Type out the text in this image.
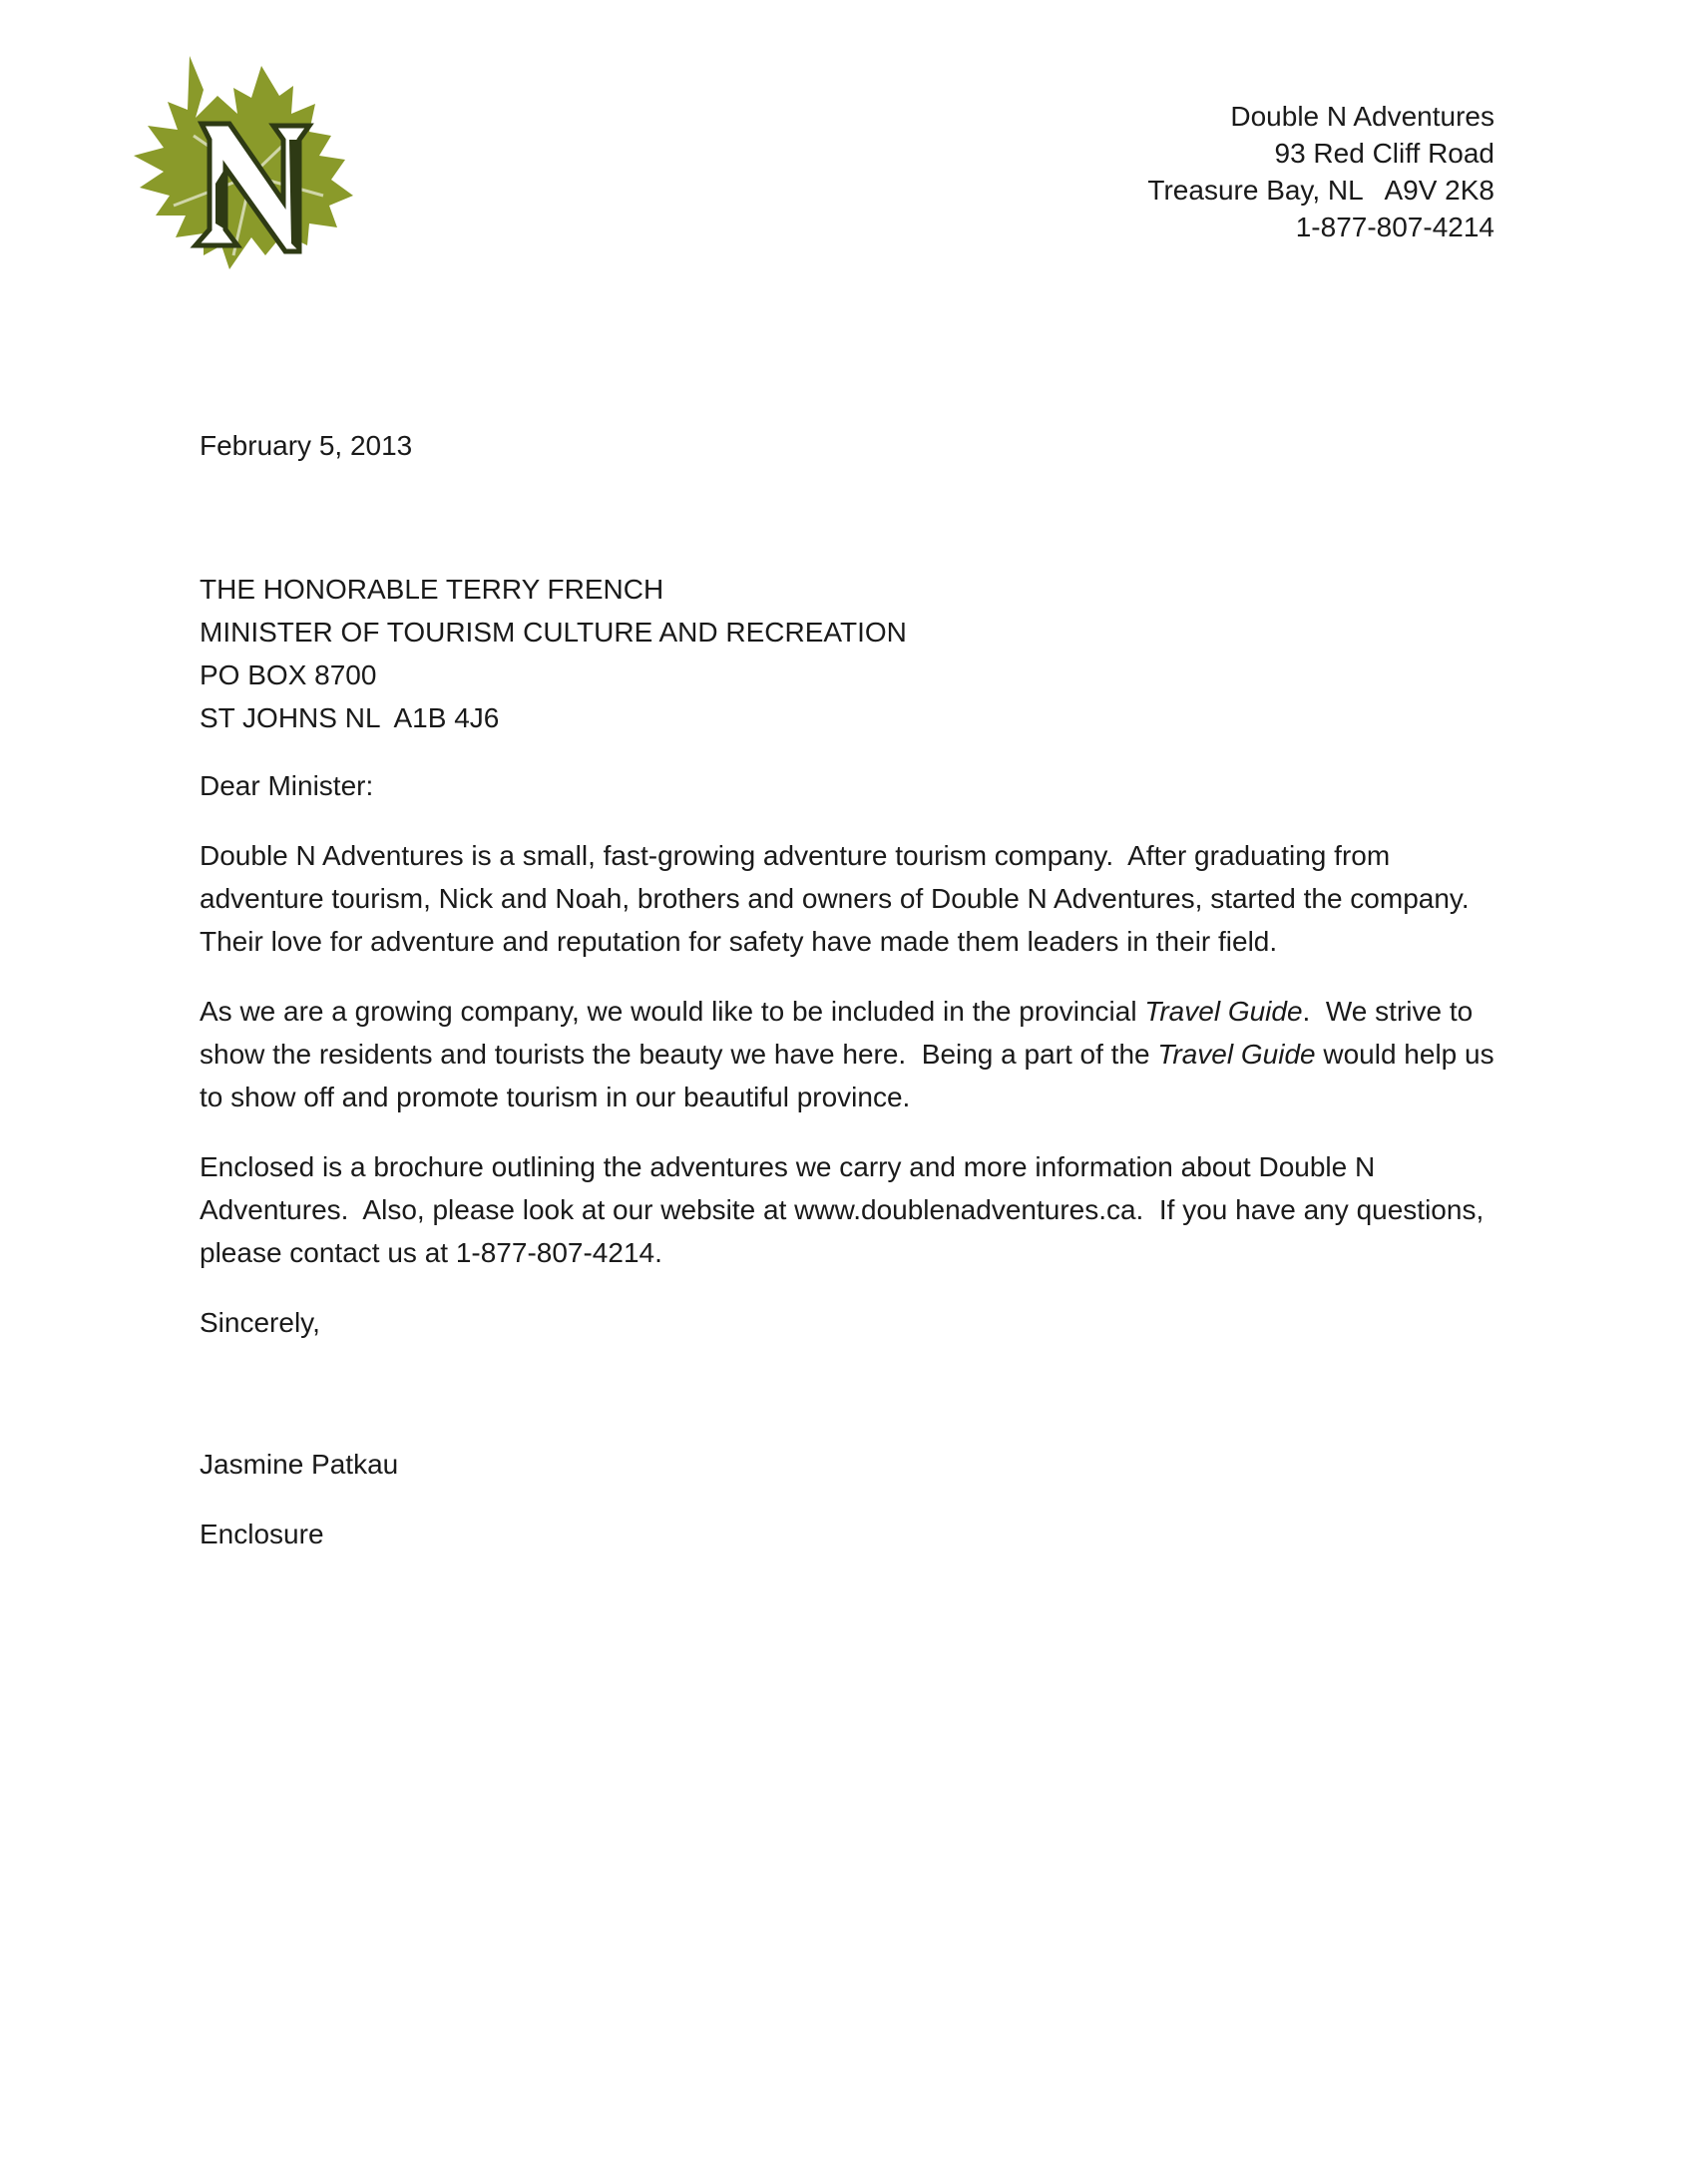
Double N Adventures
93 Red Cliff Road
Treasure Bay, NL   A9V 2K8
1-877-807-4214
February 5, 2013
THE HONORABLE TERRY FRENCH
MINISTER OF TOURISM CULTURE AND RECREATION
PO BOX 8700
ST JOHNS NL  A1B 4J6

Dear Minister:

Double N Adventures is a small, fast-growing adventure tourism company.  After graduating from adventure tourism, Nick and Noah, brothers and owners of Double N Adventures, started the company.  Their love for adventure and reputation for safety have made them leaders in their field.

As we are a growing company, we would like to be included in the provincial Travel Guide.  We strive to show the residents and tourists the beauty we have here.  Being a part of the Travel Guide would help us to show off and promote tourism in our beautiful province.

Enclosed is a brochure outlining the adventures we carry and more information about Double N Adventures.  Also, please look at our website at www.doublenadventures.ca.  If you have any questions, please contact us at 1-877-807-4214.

Sincerely,

Jasmine Patkau

Enclosure
